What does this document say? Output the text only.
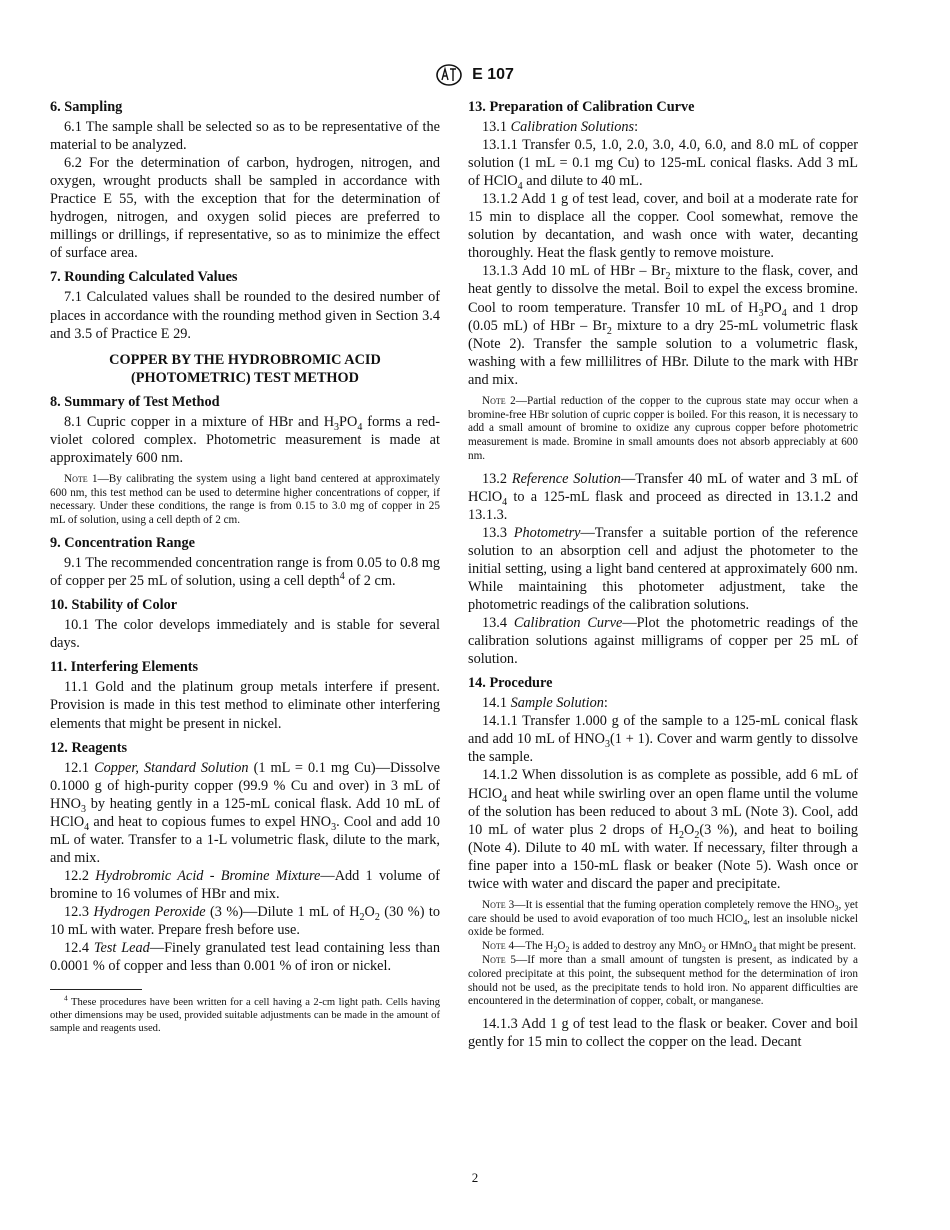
E 107

6. Sampling

6.1 The sample shall be selected so as to be representative of the material to be analyzed.

6.2 For the determination of carbon, hydrogen, nitrogen, and oxygen, wrought products shall be sampled in accordance with Practice E 55, with the exception that for the determination of hydrogen, nitrogen, and oxygen solid pieces are preferred to millings or drillings, if representative, so as to minimize the effect of surface area.

7. Rounding Calculated Values

7.1 Calculated values shall be rounded to the desired number of places in accordance with the rounding method given in Section 3.4 and 3.5 of Practice E 29.

COPPER BY THE HYDROBROMIC ACID
(PHOTOMETRIC) TEST METHOD

8. Summary of Test Method

8.1 Cupric copper in a mixture of HBr and $H_3PO_4$ forms a red-violet colored complex. Photometric measurement is made at approximately 600 nm.

Note 1—By calibrating the system using a light band centered at approximately 600 nm, this test method can be used to determine higher concentrations of copper, if necessary. Under these conditions, the range is from 0.15 to 3.0 mg of copper in 25 mL of solution, using a cell depth of 2 cm.

9. Concentration Range

9.1 The recommended concentration range is from 0.05 to 0.8 mg of copper per 25 mL of solution, using a cell depth$^4$ of 2 cm.

10. Stability of Color

10.1 The color develops immediately and is stable for several days.

11. Interfering Elements

11.1 Gold and the platinum group metals interfere if present. Provision is made in this test method to eliminate other interfering elements that might be present in nickel.

12. Reagents

12.1 Copper, Standard Solution (1 mL = 0.1 mg Cu)—Dissolve 0.1000 g of high-purity copper (99.9 % Cu and over) in 3 mL of $HNO_3$ by heating gently in a 125-mL conical flask. Add 10 mL of HClO$_4$ and heat to copious fumes to expel $HNO_3$. Cool and add 10 mL of water. Transfer to a 1-L volumetric flask, dilute to the mark, and mix.

12.2 Hydrobromic Acid - Bromine Mixture—Add 1 volume of bromine to 16 volumes of HBr and mix.

12.3 Hydrogen Peroxide (3 %)—Dilute 1 mL of $H_2O_2$ (30 %) to 10 mL with water. Prepare fresh before use.

12.4 Test Lead—Finely granulated test lead containing less than 0.0001 % of copper and less than 0.001 % of iron or nickel.

$^4$ These procedures have been written for a cell having a 2-cm light path. Cells having other dimensions may be used, provided suitable adjustments can be made in the amount of sample and reagents used.

13. Preparation of Calibration Curve

13.1 Calibration Solutions:

13.1.1 Transfer 0.5, 1.0, 2.0, 3.0, 4.0, 6.0, and 8.0 mL of copper solution (1 mL = 0.1 mg Cu) to 125-mL conical flasks. Add 3 mL of HClO$_4$ and dilute to 40 mL.

13.1.2 Add 1 g of test lead, cover, and boil at a moderate rate for 15 min to displace all the copper. Cool somewhat, remove the solution by decantation, and wash once with water, decanting thoroughly. Heat the flask gently to remove moisture.

13.1.3 Add 10 mL of HBr – $Br_2$ mixture to the flask, cover, and heat gently to dissolve the metal. Boil to expel the excess bromine. Cool to room temperature. Transfer 10 mL of $H_3PO_4$ and 1 drop (0.05 mL) of HBr – $Br_2$ mixture to a dry 25-mL volumetric flask (Note 2). Transfer the sample solution to a volumetric flask, washing with a few millilitres of HBr. Dilute to the mark with HBr and mix.

Note 2—Partial reduction of the copper to the cuprous state may occur when a bromine-free HBr solution of cupric copper is boiled. For this reason, it is necessary to add a small amount of bromine to oxidize any cuprous copper before photometric measurement is made. Bromine in small amounts does not absorb appreciably at 600 nm.

13.2 Reference Solution—Transfer 40 mL of water and 3 mL of HClO$_4$ to a 125-mL flask and proceed as directed in 13.1.2 and 13.1.3.

13.3 Photometry—Transfer a suitable portion of the reference solution to an absorption cell and adjust the photometer to the initial setting, using a light band centered at approximately 600 nm. While maintaining this photometer adjustment, take the photometric readings of the calibration solutions.

13.4 Calibration Curve—Plot the photometric readings of the calibration solutions against milligrams of copper per 25 mL of solution.

14. Procedure

14.1 Sample Solution:

14.1.1 Transfer 1.000 g of the sample to a 125-mL conical flask and add 10 mL of $HNO_3(1 + 1)$. Cover and warm gently to dissolve the sample.

14.1.2 When dissolution is as complete as possible, add 6 mL of HClO$_4$ and heat while swirling over an open flame until the volume of the solution has been reduced to about 3 mL (Note 3). Cool, add 10 mL of water plus 2 drops of $H_2O_2(3$ %), and heat to boiling (Note 4). Dilute to 40 mL with water. If necessary, filter through a fine paper into a 150-mL flask or beaker (Note 5). Wash once or twice with water and discard the paper and precipitate.

Note 3—It is essential that the fuming operation completely remove the $HNO_3$, yet care should be used to avoid evaporation of too much HClO$_4$, lest an insoluble nickel oxide be formed.

Note 4—The $H_2O_2$ is added to destroy any MnO$_2$ or HMnO$_4$ that might be present.

Note 5—If more than a small amount of tungsten is present, as indicated by a colored precipitate at this point, the subsequent method for the determination of iron should not be used, as the precipitate tends to hold iron. No apparent difficulties are encountered in the determination of copper, cobalt, or manganese.

14.1.3 Add 1 g of test lead to the flask or beaker. Cover and boil gently for 15 min to collect the copper on the lead. Decant

2
